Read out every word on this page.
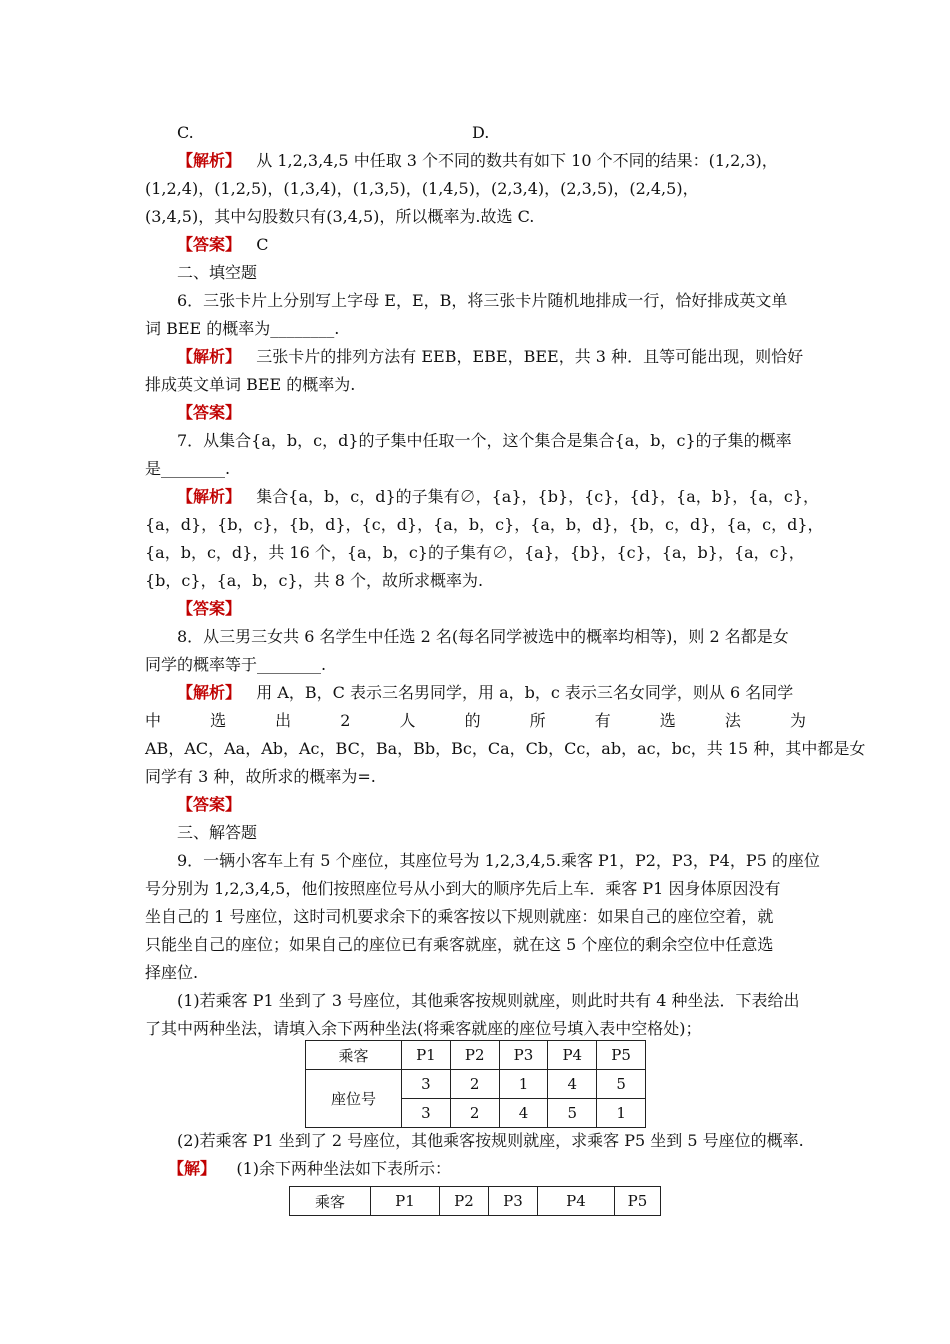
C.	D.
【解析】 从 1,2,3,4,5 中任取 3 个不同的数共有如下 10 个不同的结果：(1,2,3)，
(1,2,4)，(1,2,5)，(1,3,4)，(1,3,5)，(1,4,5)，(2,3,4)，(2,3,5)，(2,4,5)，
(3,4,5)，其中勾股数只有(3,4,5)，所以概率为.故选 C.
【答案】 C
二、填空题
6．三张卡片上分别写上字母 E，E，B，将三张卡片随机地排成一行，恰好排成英文单
词 BEE 的概率为________.
【解析】 三张卡片的排列方法有 EEB，EBE，BEE，共 3 种．且等可能出现，则恰好
排成英文单词 BEE 的概率为.
【答案】
7．从集合{a，b，c，d}的子集中任取一个，这个集合是集合{a，b，c}的子集的概率
是________.
【解析】 集合{a，b，c，d}的子集有∅，{a}，{b}，{c}，{d}，{a，b}，{a，c}，
{a，d}，{b，c}，{b，d}，{c，d}，{a，b，c}，{a，b，d}，{b，c，d}，{a，c，d}，
{a，b，c，d}，共 16 个，{a，b，c}的子集有∅，{a}，{b}，{c}，{a，b}，{a，c}，
{b，c}，{a，b，c}，共 8 个，故所求概率为.
【答案】
8．从三男三女共 6 名学生中任选 2 名(每名同学被选中的概率均相等)，则 2 名都是女
同学的概率等于________.
【解析】 用 A，B，C 表示三名男同学，用 a，b，c 表示三名女同学，则从 6 名同学
中	选	出	2	人	的	所	有	选	法	为
AB，AC，Aa，Ab，Ac，BC，Ba，Bb，Bc，Ca，Cb，Cc，ab，ac，bc，共 15 种，其中都是女
同学有 3 种，故所求的概率为=.
【答案】
三、解答题
9．一辆小客车上有 5 个座位，其座位号为 1,2,3,4,5.乘客 P1，P2，P3，P4，P5 的座位
号分别为 1,2,3,4,5，他们按照座位号从小到大的顺序先后上车．乘客 P1 因身体原因没有
坐自己的 1 号座位，这时司机要求余下的乘客按以下规则就座：如果自己的座位空着，就
只能坐自己的座位；如果自己的座位已有乘客就座，就在这 5 个座位的剩余空位中任意选
择座位.
(1)若乘客 P1 坐到了 3 号座位，其他乘客按规则就座，则此时共有 4 种坐法．下表给出
了其中两种坐法，请填入余下两种坐法(将乘客就座的座位号填入表中空格处)；
乘客	P1	P2	P3	P4	P5
座位号	3	2	1	4	5
	3	2	4	5	1
(2)若乘客 P1 坐到了 2 号座位，其他乘客按规则就座，求乘客 P5 坐到 5 号座位的概率.
【解】 (1)余下两种坐法如下表所示：
乘客	P1	P2	P3	P4	P5
